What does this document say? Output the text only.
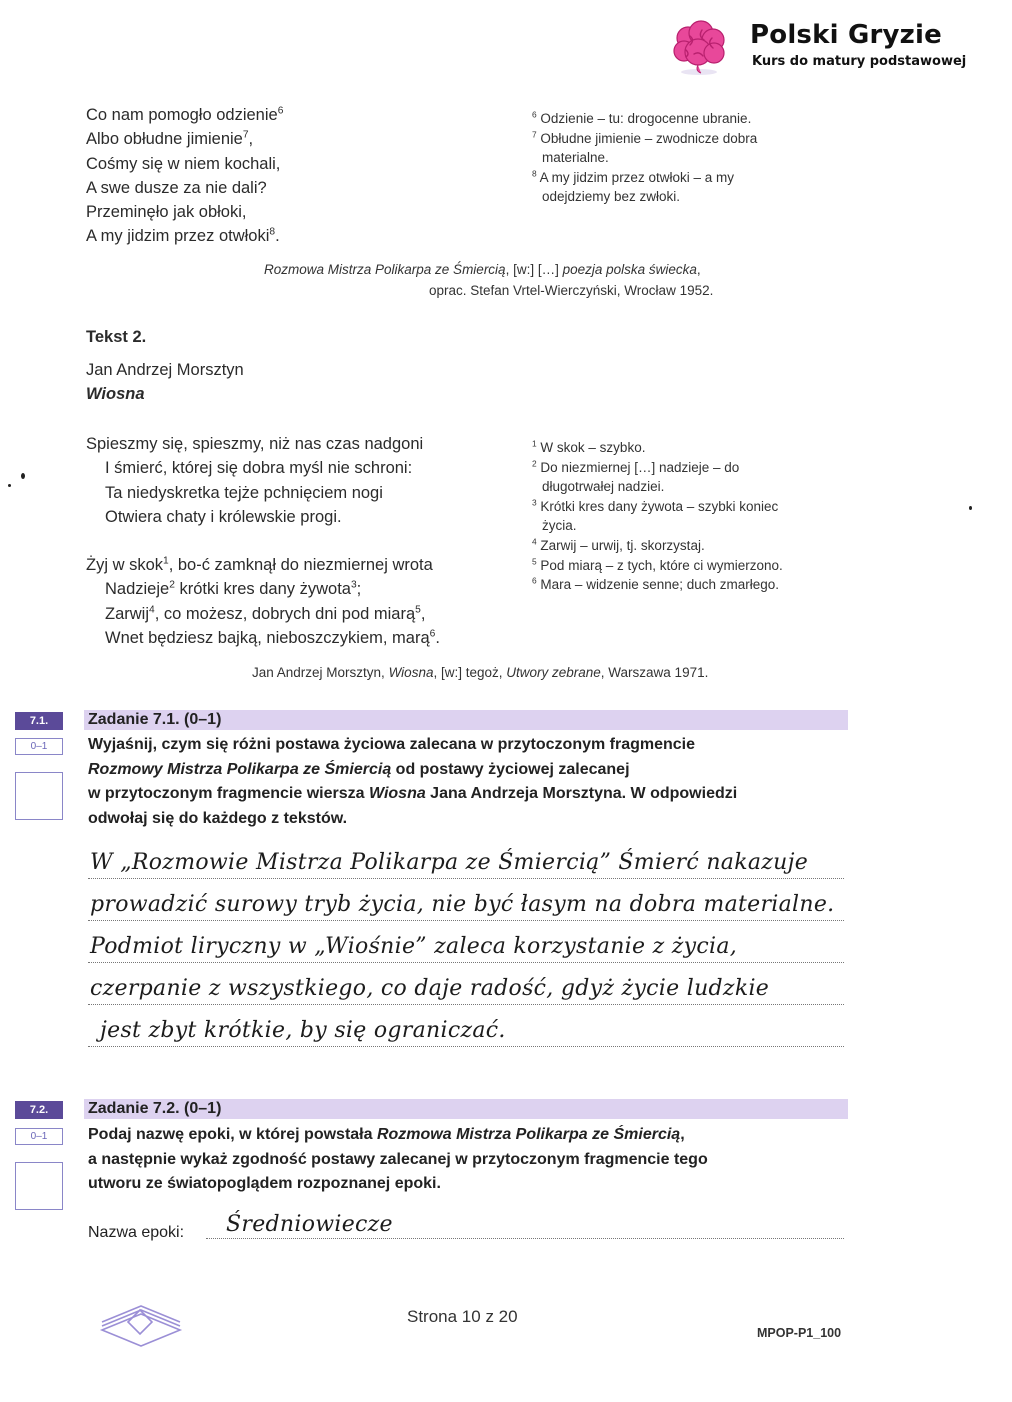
Polski Gryzie
Kurs do matury podstawowej
Co nam pomogło odzienie$^6$
Albo obłudne jimienie$^7$,
Cośmy się w niem kochali,
A swe dusze za nie dali?
Przeminęło jak obłoki,
A my jidzim przez otwłoki$^8$.
$^6$ Odzienie – tu: drogocenne ubranie.
$^7$ Obłudne jimienie – zwodnicze dobra
materialne.
$^8$ A my jidzim przez otwłoki – a my
odejdziemy bez zwłoki.
Rozmowa Mistrza Polikarpa ze Śmiercią, [w:] […] poezja polska świecka,
oprac. Stefan Vrtel-Wierczyński, Wrocław 1952.
Tekst 2.
Jan Andrzej Morsztyn
Wiosna
Spieszmy się, spieszmy, niż nas czas nadgoni
I śmierć, której się dobra myśl nie schroni:
Ta niedyskretka tejże pchnięciem nogi
Otwiera chaty i królewskie progi.
Żyj w skok$^1$, bo-ć zamknął do niezmiernej wrota
Nadzieje$^2$ krótki kres dany żywota$^3$;
Zarwij$^4$, co możesz, dobrych dni pod miarą$^5$,
Wnet będziesz bajką, nieboszczykiem, marą$^6$.
$^1$ W skok – szybko.
$^2$ Do niezmiernej […] nadzieje – do
długotrwałej nadziei.
$^3$ Krótki kres dany żywota – szybki koniec
życia.
$^4$ Zarwij – urwij, tj. skorzystaj.
$^5$ Pod miarą – z tych, które ci wymierzono.
$^6$ Mara – widzenie senne; duch zmarłego.
Jan Andrzej Morsztyn, Wiosna, [w:] tegoż, Utwory zebrane, Warszawa 1971.
7.1.
0–1
Zadanie 7.1. (0–1)
Wyjaśnij, czym się różni postawa życiowa zalecana w przytoczonym fragmencie
Rozmowy Mistrza Polikarpa ze Śmiercią od postawy życiowej zalecanej
w przytoczonym fragmencie wiersza Wiosna Jana Andrzeja Morsztyna. W odpowiedzi
odwołaj się do każdego z tekstów.
W „Rozmowie Mistrza Polikarpa ze Śmiercią” Śmierć nakazuje
prowadzić surowy tryb życia, nie być łasym na dobra materialne.
Podmiot liryczny w „Wiośnie” zaleca korzystanie z życia,
czerpanie z wszystkiego, co daje radość, gdyż życie ludzkie
jest zbyt krótkie, by się ograniczać.
7.2.
0–1
Zadanie 7.2. (0–1)
Podaj nazwę epoki, w której powstała Rozmowa Mistrza Polikarpa ze Śmiercią,
a następnie wykaż zgodność postawy zalecanej w przytoczonym fragmencie tego
utworu ze światopoglądem rozpoznanej epoki.
Nazwa epoki: Średniowiecze
Strona 10 z 20
MPOP-P1_100
